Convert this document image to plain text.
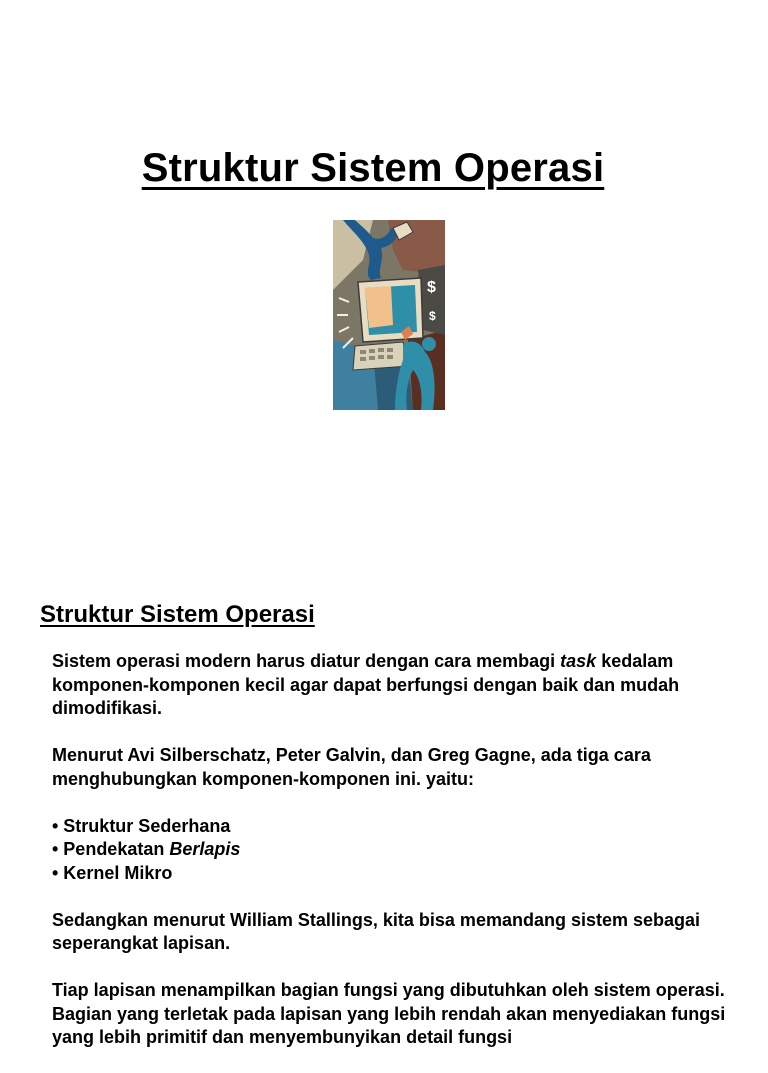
Struktur Sistem Operasi
$
$
Struktur Sistem Operasi

Sistem operasi modern harus diatur dengan cara membagi task kedalam komponen-komponen kecil agar dapat berfungsi dengan baik dan mudah dimodifikasi.

Menurut Avi Silberschatz, Peter Galvin, dan Greg Gagne, ada tiga cara menghubungkan komponen-komponen ini. yaitu:

• Struktur Sederhana
• Pendekatan Berlapis
• Kernel Mikro

Sedangkan menurut William Stallings, kita bisa memandang sistem sebagai seperangkat lapisan.

Tiap lapisan menampilkan bagian fungsi yang dibutuhkan oleh sistem operasi. Bagian yang terletak pada lapisan yang lebih rendah akan menyediakan fungsi yang lebih primitif dan menyembunyikan detail fungsi
